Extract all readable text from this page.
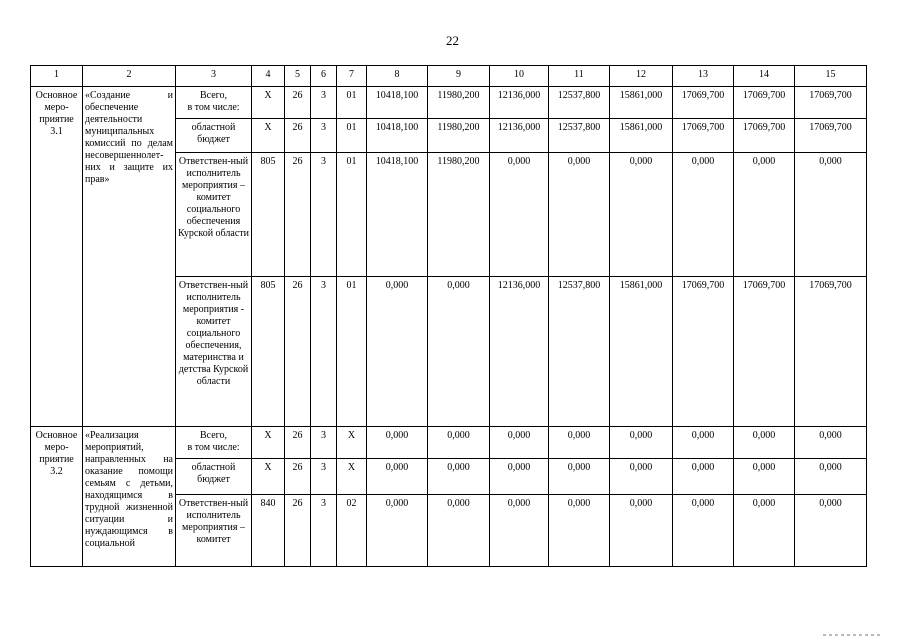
22
1	2	3	4	5	6	7	8	9	10	11	12	13	14	15
Основное меро-приятие 3.1	«Создание и обеспечение деятельности муниципальных комиссий по делам несовершеннолет-них и защите их прав»	Всего,
в том числе:	X	26	3	01	10418,100	11980,200	12136,000	12537,800	15861,000	17069,700	17069,700	17069,700
		областной бюджет	X	26	3	01	10418,100	11980,200	12136,000	12537,800	15861,000	17069,700	17069,700	17069,700
		Ответствен-ный исполнитель мероприятия – комитет социального обеспечения Курской области	805	26	3	01	10418,100	11980,200	0,000	0,000	0,000	0,000	0,000	0,000
		Ответствен-ный исполнитель мероприятия - комитет социального обеспечения, материнства и детства Курской области	805	26	3	01	0,000	0,000	12136,000	12537,800	15861,000	17069,700	17069,700	17069,700
Основное меро-приятие 3.2	«Реализация мероприятий, направленных на оказание помощи семьям с детьми, находящимся в трудной жизненной ситуации и нуждающимся в социальной	Всего,
в том числе:	X	26	3	X	0,000	0,000	0,000	0,000	0,000	0,000	0,000	0,000
		областной бюджет	X	26	3	X	0,000	0,000	0,000	0,000	0,000	0,000	0,000	0,000
		Ответствен-ный исполнитель мероприятия – комитет	840	26	3	02	0,000	0,000	0,000	0,000	0,000	0,000	0,000	0,000
